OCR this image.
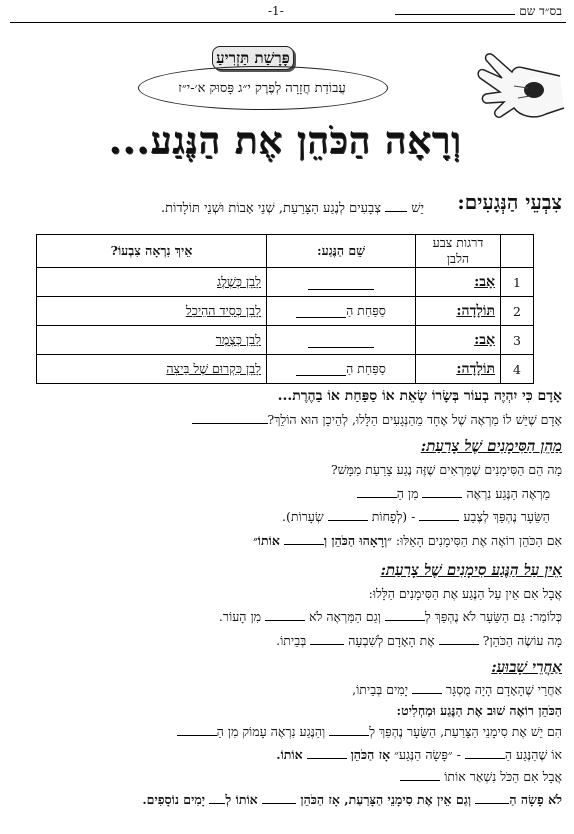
בס״ד שם
-1-
פָּרָשַׁת תַּזְרִיעַ
עֲבוֹדַת חֲזָרָה לְפֶרֶק י״ג פָּסוּק א׳-י״ז
וְרָאָה הַכֹּהֵן אֶת הַנֶּגַע...
צִבְעֵי הַנְּגָעִים:
יֵשׁ  צְבָעִים לְנֶגַע הַצָּרַעַת, שְׁנֵי אָבוֹת וּשְׁנֵי תּוֹלָדוֹת.
	דרגות צבע הלבן	שֵׁם הַנֶּגַע:	אֵיךְ נִרְאָה צִבְעוֹ?
1	אָב:		לָבָן כְּשֶׁלֶג
2	תּוֹלָדָה:	סַפַּחַת הַ	לָבָן כְּסִיד הַהֵיכָל
3	אָב:		לָבָן כְּצֶמֶר
4	תּוֹלָדָה:	סַפַּחַת הַ	לָבָן כִּקְרוּם שֶׁל בֵּיצָה
אָדָם כִּי יִהְיֶה בְעוֹר בְּשָׂרוֹ שְׂאֵת אוֹ סַפַּחַת אוֹ בַהֶרֶת...
אָדָם שֶׁיֵּשׁ לוֹ מַרְאֶה שֶׁל אֶחָד מֵהַנְּגָעִים הַלָּלוּ, לְהֵיכָן הוּא הוֹלֵךְ?
מַהֵן הַסִּימָנִים שֶׁל צָרַעַת:
מָה הֵם הַסִּימָנִים שֶׁמַּרְאִים שֶׁזֶּה נֶגַע צָרַעַת מַמָּשׁ?
מַרְאֶה הַנֶּגַע נִרְאֶה  מִן הַ
הַשֵּׂעָר נֶהְפַּךְ לְצֶבַע  - (לְפָחוֹת  שְׂעָרוֹת).
אִם הַכֹּהֵן רוֹאֶה אֶת הַסִּימָנִים הָאֵלּוּ: ״וְרָאָהוּ הַכֹּהֵן וְ אוֹתוֹ״
אֵין עַל הַנֶּגַע סִימָנִים שֶׁל צָרַעַת:
אֲבָל אִם אֵין עַל הַנֶּגַע אֶת הַסִּימָנִים הַלָּלוּ:
כְּלוֹמַר: גַּם הַשֵּׂעָר לֹא נֶהְפַּךְ לְ וְגַם הַמַּרְאֶה לֹא  מִן הָעוֹר.
מָה עוֹשֶׂה הַכֹּהֵן?  אֶת הָאָדָם לְשִׁבְעָה  בְּבֵיתוֹ.
אַחֲרֵי שָׁבוּעַ:
אַחֲרֵי שֶׁהָאָדָם הָיָה מֻסְגָּר  יָמִים בְּבֵיתוֹ,
הַכֹּהֵן רוֹאֶה שׁוּב אֶת הַנֶּגַע וּמַחְלִיט:
הִם יֵשׁ אֶת סִימָנֵי הַצָּרַעַת, הַשֵּׂעָר נֶהְפַּךְ לְ וְהַנֶּגַע נִרְאֶה עָמוֹק מִן הַ
אוֹ שֶׁהַנֶּגַע הַ - ״פָּשָׂה הַנֶּגַע״ אָז הַכֹּהֵן  אוֹתוֹ.
אֲבָל אִם הַכֹּל נִשְׁאַר אוֹתוֹ
לֹא פָשָׂה הַ וְגַם אֵין אֶת סִימָנֵי הַצָּרַעַת, אָז הַכֹּהֵן  אוֹתוֹ לְ יָמִים נוֹסָפִים.
